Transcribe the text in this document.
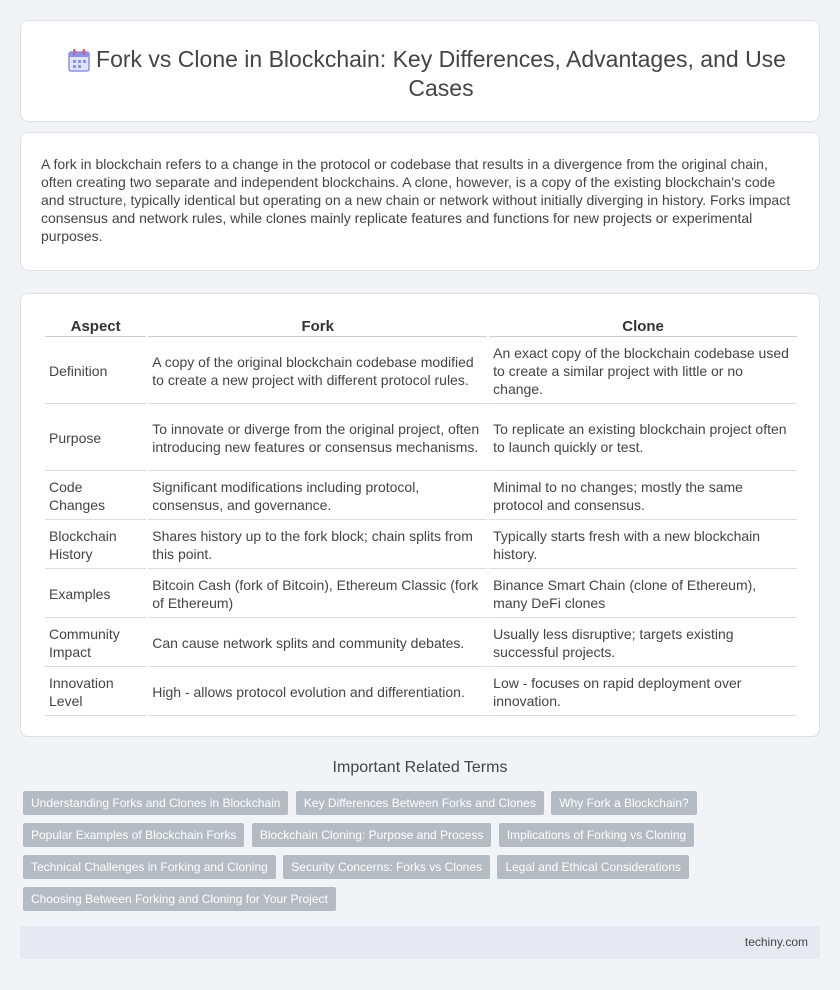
Fork vs Clone in Blockchain: Key Differences, Advantages, and Use Cases

A fork in blockchain refers to a change in the protocol or codebase that results in a divergence from the original chain, often creating two separate and independent blockchains. A clone, however, is a copy of the existing blockchain's code and structure, typically identical but operating on a new chain or network without initially diverging in history. Forks impact consensus and network rules, while clones mainly replicate features and functions for new projects or experimental purposes.

Aspect	Fork	Clone
Definition	A copy of the original blockchain codebase modified to create a new project with different protocol rules.	An exact copy of the blockchain codebase used to create a similar project with little or no change.
Purpose	To innovate or diverge from the original project, often introducing new features or consensus mechanisms.	To replicate an existing blockchain project often to launch quickly or test.
Code Changes	Significant modifications including protocol, consensus, and governance.	Minimal to no changes; mostly the same protocol and consensus.
Blockchain History	Shares history up to the fork block; chain splits from this point.	Typically starts fresh with a new blockchain history.
Examples	Bitcoin Cash (fork of Bitcoin), Ethereum Classic (fork of Ethereum)	Binance Smart Chain (clone of Ethereum), many DeFi clones
Community Impact	Can cause network splits and community debates.	Usually less disruptive; targets existing successful projects.
Innovation Level	High - allows protocol evolution and differentiation.	Low - focuses on rapid deployment over innovation.
Important Related Terms
Understanding Forks and Clones in Blockchain Key Differences Between Forks and Clones Why Fork a Blockchain? Popular Examples of Blockchain Forks Blockchain Cloning: Purpose and Process Implications of Forking vs Cloning Technical Challenges in Forking and Cloning Security Concerns: Forks vs Clones Legal and Ethical Considerations Choosing Between Forking and Cloning for Your Project
techiny.com
